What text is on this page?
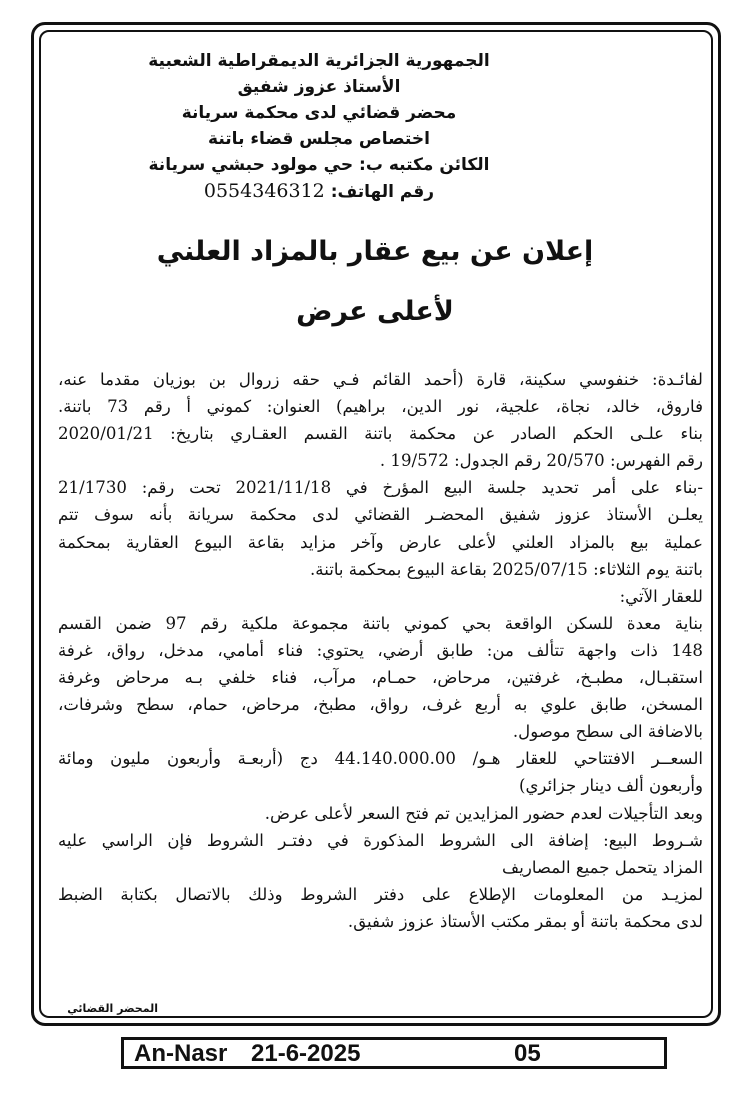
الجمهورية الجزائرية الديمقراطية الشعبية
الأستاذ عزوز شفيق
محضر قضائي لدى محكمة سريانة
اختصاص مجلس قضاء باتنة
الكائن مكتبه ب: حي مولود حبشي سريانة
رقم الهاتف: 0554346312
إعلان عن بيع عقار بالمزاد العلني
لأعلى عرض
لفائـدة: خنفوسي سكينة، قارة (أحمد القائم فـي حقه زروال بن بوزيان مقدما عنه،
فاروق، خالد، نجاة، علجية، نور الدين، براهيم) العنوان: كموني أ رقم 73 باتنة.
بناء علـى الحكم الصادر عن محكمة باتنة القسم العقـاري بتاريخ: 2020/01/21
رقم الفهرس: 20/570 رقم الجدول: 19/572 .
-بناء على أمر تحديد جلسة البيع المؤرخ في 2021/11/18 تحت رقم: 21/1730
يعلـن الأستاذ عزوز شفيق المحضـر القضائي لدى محكمة سريانة بأنه سوف تتم
عملية بيع بالمزاد العلني لأعلى عارض وآخر مزايد بقاعة البيوع العقارية بمحكمة
باتنة يوم الثلاثاء: 2025/07/15 بقاعة البيوع بمحكمة باتنة.
للعقار الآتي:
بناية معدة للسكن الواقعة بحي كموني باتنة مجموعة ملكية رقم 97 ضمن القسم
148 ذات واجهة تتألف من: طابق أرضي، يحتوي: فناء أمامي، مدخل، رواق، غرفة
استقبـال، مطبـخ، غرفتين، مرحاض، حمـام، مرآب، فناء خلفي بـه مرحاض وغرفة
المسخن، طابق علوي به أربع غرف، رواق، مطبخ، مرحاض، حمام، سطح وشرفات،
بالاضافة الى سطح موصول.
السعــر الافتتاحي للعقار هـو/ 44.140.000.00 دج (أربعـة وأربعون مليون ومائة
وأربعون ألف دينار جزائري)
وبعد التأجيلات لعدم حضور المزايدين تم فتح السعر لأعلى عرض.
شـروط البيع: إضافة الى الشروط المذكورة في دفتـر الشروط فإن الراسي عليه
المزاد يتحمل جميع المصاريف
لمزيـد من المعلومات الإطلاع على دفتر الشروط وذلك بالاتصال بكتابة الضبط
لدى محكمة باتنة أو بمقر مكتب الأستاذ عزوز شفيق.
المحضر القضائي
An-Nasr 21-6-2025	05
